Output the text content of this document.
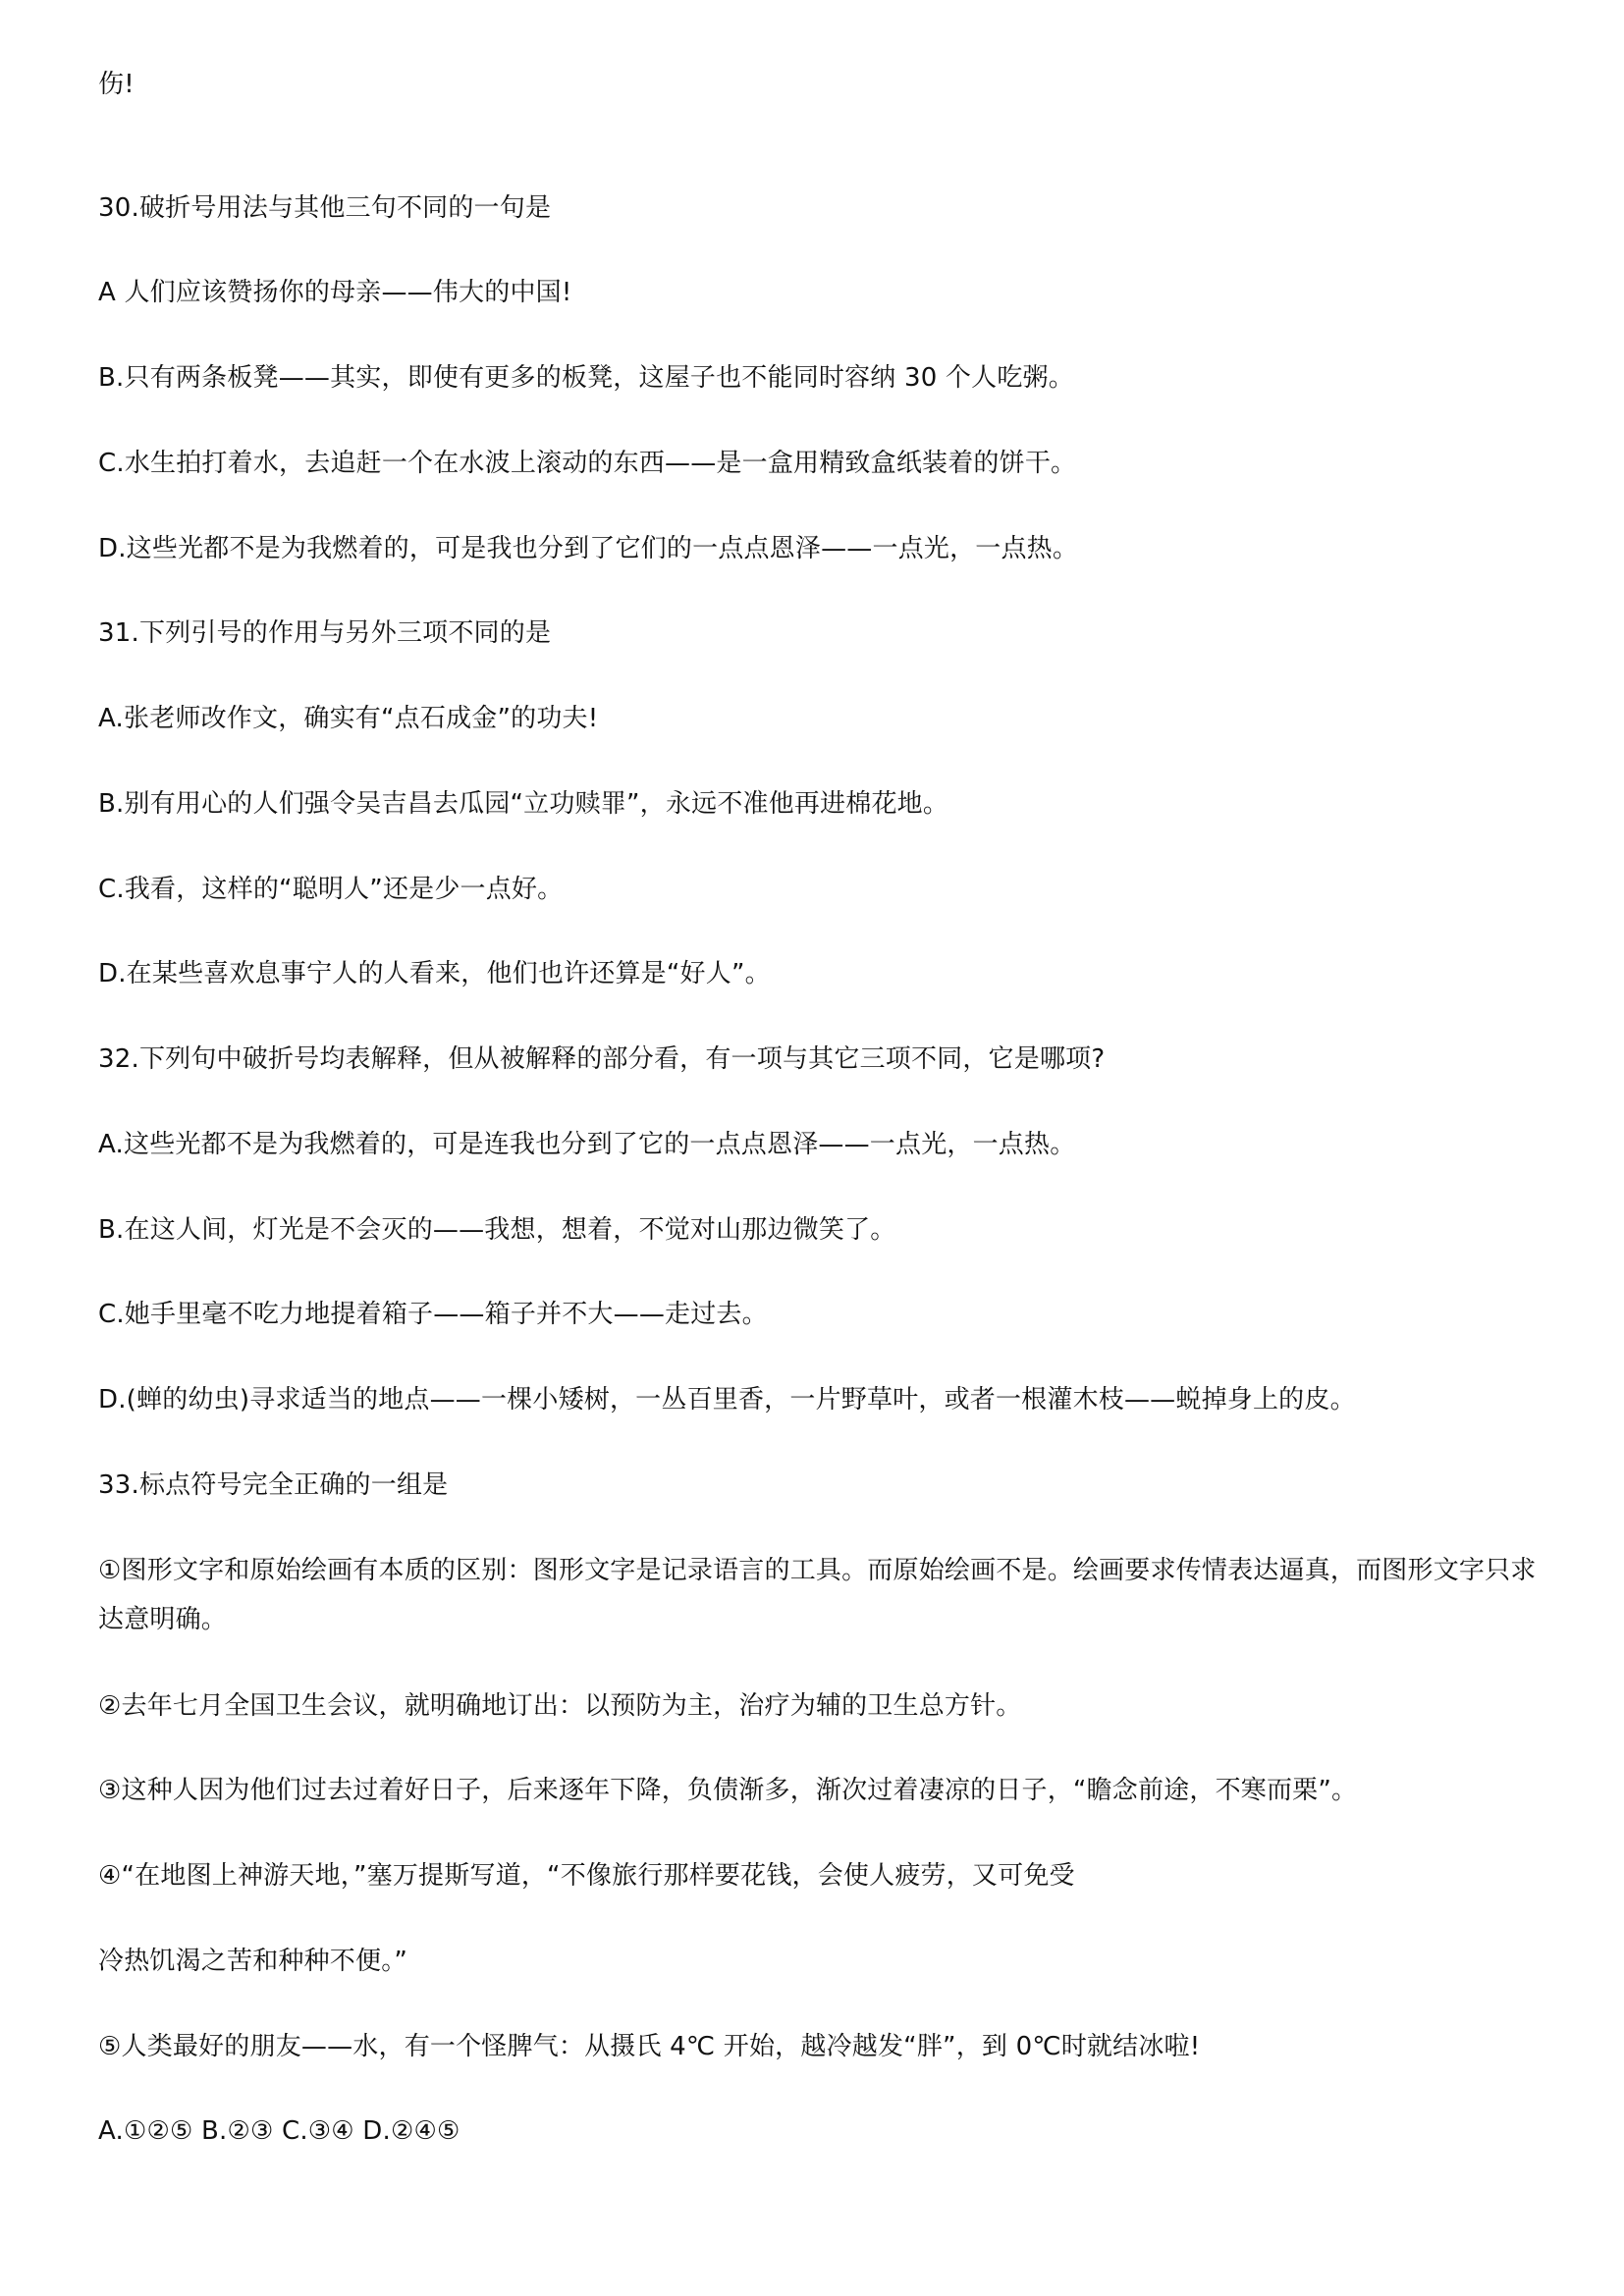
伤!
30.破折号用法与其他三句不同的一句是
A 人们应该赞扬你的母亲——伟大的中国!
B.只有两条板凳——其实，即使有更多的板凳，这屋子也不能同时容纳 30 个人吃粥。
C.水生拍打着水，去追赶一个在水波上滚动的东西——是一盒用精致盒纸装着的饼干。
D.这些光都不是为我燃着的，可是我也分到了它们的一点点恩泽——一点光，一点热。
31.下列引号的作用与另外三项不同的是
A.张老师改作文，确实有“点石成金”的功夫!
B.别有用心的人们强令吴吉昌去瓜园“立功赎罪”，永远不准他再进棉花地。
C.我看，这样的“聪明人”还是少一点好。
D.在某些喜欢息事宁人的人看来，他们也许还算是“好人”。
32.下列句中破折号均表解释，但从被解释的部分看，有一项与其它三项不同，它是哪项?
A.这些光都不是为我燃着的，可是连我也分到了它的一点点恩泽——一点光，一点热。
B.在这人间，灯光是不会灭的——我想，想着，不觉对山那边微笑了。
C.她手里毫不吃力地提着箱子——箱子并不大——走过去。
D.(蝉的幼虫)寻求适当的地点——一棵小矮树，一丛百里香，一片野草叶，或者一根灌木枝——蜕掉身上的皮。
33.标点符号完全正确的一组是
①图形文字和原始绘画有本质的区别：图形文字是记录语言的工具。而原始绘画不是。绘画要求传情表达逼真，而图形文字只求达意明确。
②去年七月全国卫生会议，就明确地订出：以预防为主，治疗为辅的卫生总方针。
③这种人因为他们过去过着好日子，后来逐年下降，负债渐多，渐次过着凄凉的日子，“瞻念前途，不寒而栗”。
④“在地图上神游天地，”塞万提斯写道，“不像旅行那样要花钱，会使人疲劳，又可免受
冷热饥渴之苦和种种不便。”
⑤人类最好的朋友——水，有一个怪脾气：从摄氏 4℃ 开始，越冷越发“胖”，到 0℃时就结冰啦!
A.①②⑤ B.②③ C.③④ D.②④⑤
